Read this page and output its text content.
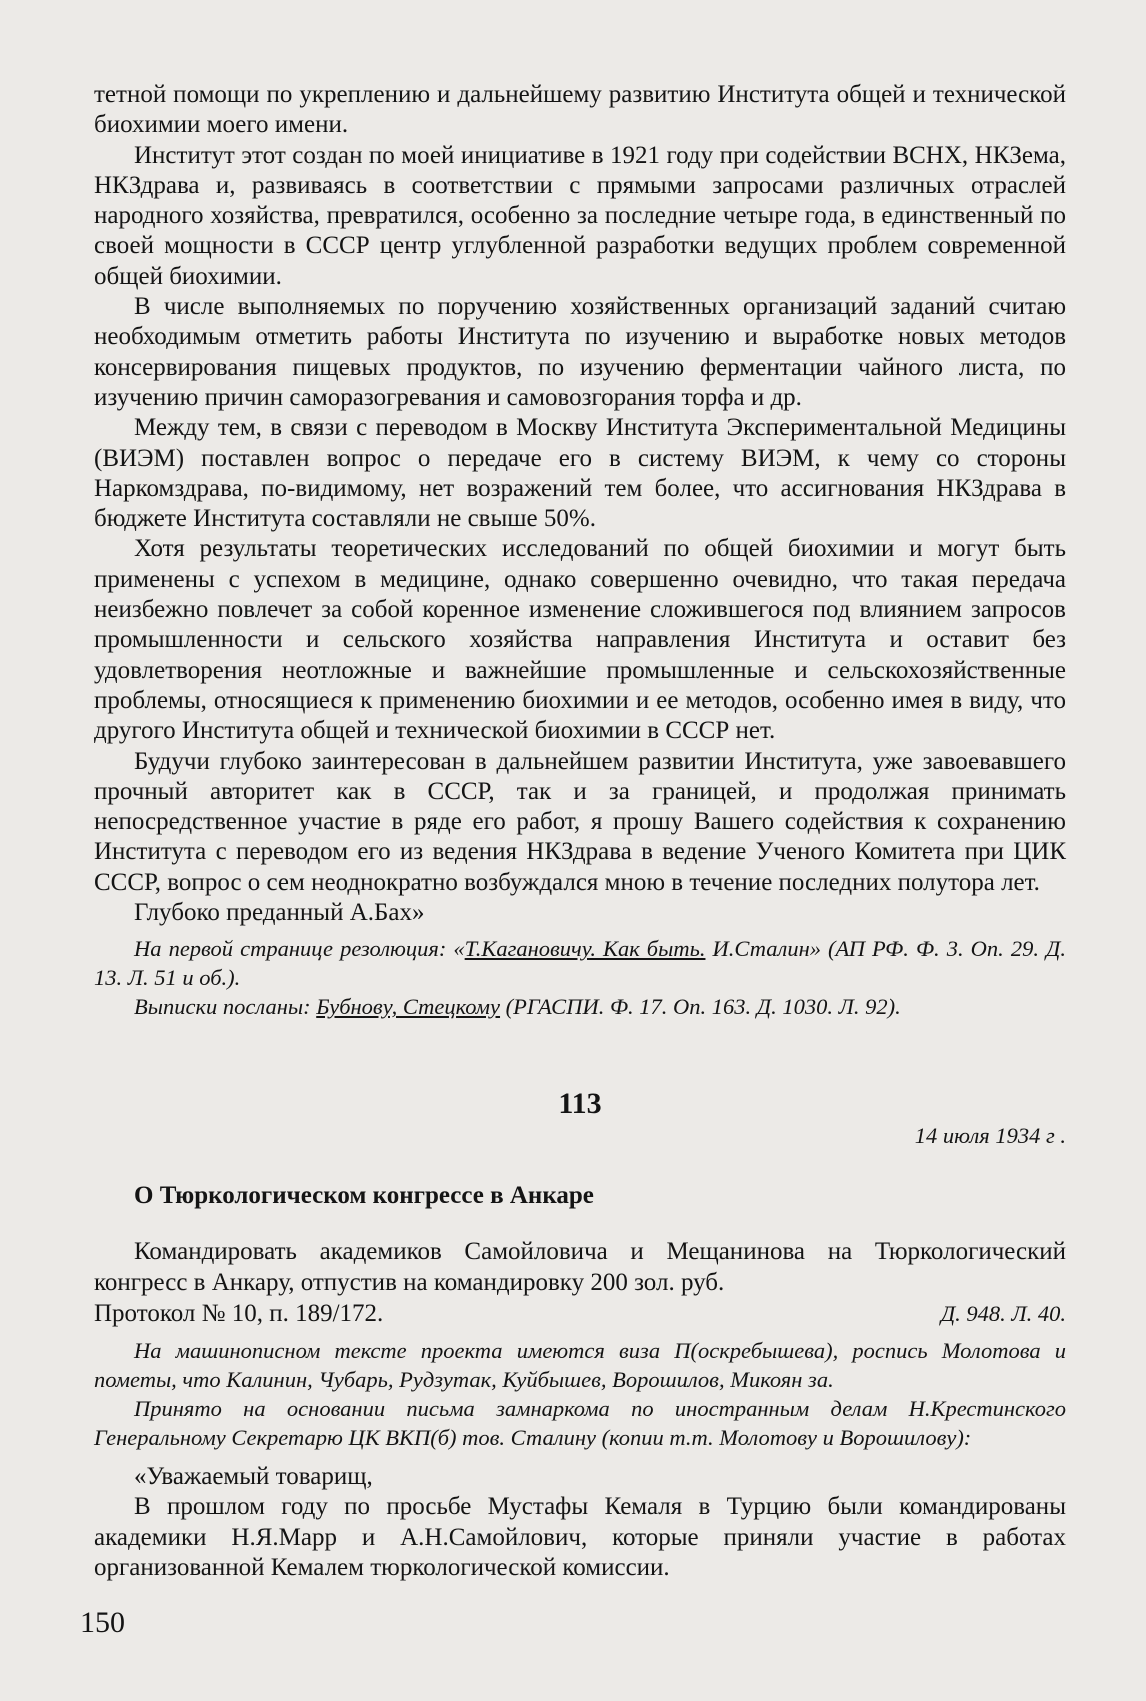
тетной помощи по укреплению и дальнейшему развитию Института общей и технической биохимии моего имени.

Институт этот создан по моей инициативе в 1921 году при содействии ВСНХ, НКЗема, НКЗдрава и, развиваясь в соответствии с прямыми запросами различных отраслей народного хозяйства, превратился, особенно за последние четыре года, в единственный по своей мощности в СССР центр углубленной разработки ведущих проблем современной общей биохимии.

В числе выполняемых по поручению хозяйственных организаций заданий считаю необходимым отметить работы Института по изучению и выработке новых методов консервирования пищевых продуктов, по изучению ферментации чайного листа, по изучению причин саморазогревания и самовозгорания торфа и др.

Между тем, в связи с переводом в Москву Института Экспериментальной Медицины (ВИЭМ) поставлен вопрос о передаче его в систему ВИЭМ, к чему со стороны Наркомздрава, по-видимому, нет возражений тем более, что ассигнования НКЗдрава в бюджете Института составляли не свыше 50%.

Хотя результаты теоретических исследований по общей биохимии и могут быть применены с успехом в медицине, однако совершенно очевидно, что такая передача неизбежно повлечет за собой коренное изменение сложившегося под влиянием запросов промышленности и сельского хозяйства направления Института и оставит без удовлетворения неотложные и важнейшие промышленные и сельскохозяйственные проблемы, относящиеся к применению биохимии и ее методов, особенно имея в виду, что другого Института общей и технической биохимии в СССР нет.

Будучи глубоко заинтересован в дальнейшем развитии Института, уже завоевавшего прочный авторитет как в СССР, так и за границей, и продолжая принимать непосредственное участие в ряде его работ, я прошу Вашего содействия к сохранению Института с переводом его из ведения НКЗдрава в ведение Ученого Комитета при ЦИК СССР, вопрос о сем неоднократно возбуждался мною в течение последних полутора лет.

Глубоко преданный А.Бах»

На первой странице резолюция: «Т.Кагановичу. Как быть. И.Сталин» (АП РФ. Ф. 3. Оп. 29. Д. 13. Л. 51 и об.).

Выписки посланы: Бубнову, Стецкому (РГАСПИ. Ф. 17. Оп. 163. Д. 1030. Л. 92).

113

14 июля 1934 г .

О Тюркологическом конгрессе в Анкаре

Командировать академиков Самойловича и Мещанинова на Тюркологический конгресс в Анкару, отпустив на командировку 200 зол. руб.

Протокол № 10, п. 189/172.	Д. 948. Л. 40.

На машинописном тексте проекта имеются виза П(оскребышева), роспись Молотова и пометы, что Калинин, Чубарь, Рудзутак, Куйбышев, Ворошилов, Микоян за.

Принято на основании письма замнаркома по иностранным делам Н.Крестинского Генеральному Секретарю ЦК ВКП(б) тов. Сталину (копии т.т. Молотову и Ворошилову):

«Уважаемый товарищ,

В прошлом году по просьбе Мустафы Кемаля в Турцию были командированы академики Н.Я.Марр и А.Н.Самойлович, которые приняли участие в работах организованной Кемалем тюркологической комиссии.

150
